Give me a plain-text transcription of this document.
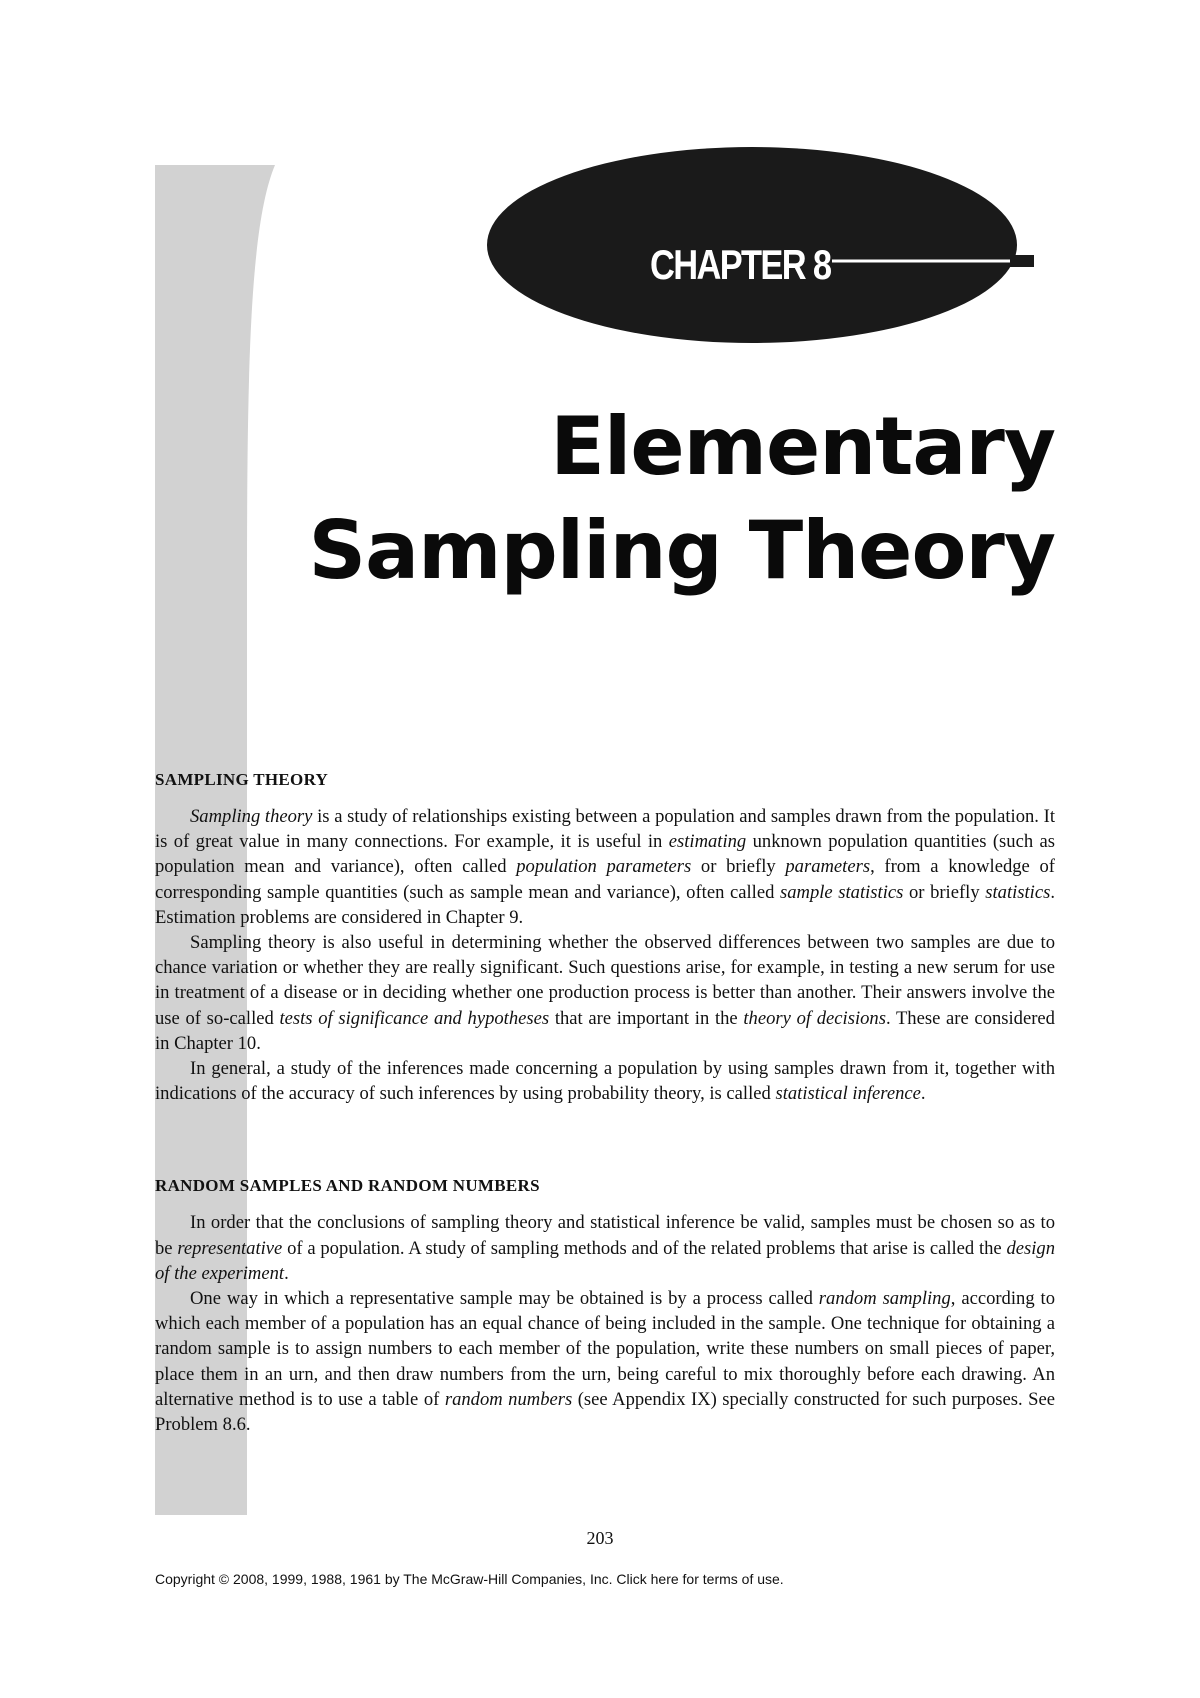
CHAPTER 8
Elementary
Sampling Theory
SAMPLING THEORY

Sampling theory is a study of relationships existing between a population and samples drawn from the population. It is of great value in many connections. For example, it is useful in estimating unknown population quantities (such as population mean and variance), often called population parameters or briefly parameters, from a knowledge of corresponding sample quantities (such as sample mean and variance), often called sample statistics or briefly statistics. Estimation problems are considered in Chapter 9.

Sampling theory is also useful in determining whether the observed differences between two samples are due to chance variation or whether they are really significant. Such questions arise, for example, in testing a new serum for use in treatment of a disease or in deciding whether one production process is better than another. Their answers involve the use of so-called tests of significance and hypotheses that are important in the theory of decisions. These are considered in Chapter 10.

In general, a study of the inferences made concerning a population by using samples drawn from it, together with indications of the accuracy of such inferences by using probability theory, is called statistical inference.

RANDOM SAMPLES AND RANDOM NUMBERS

In order that the conclusions of sampling theory and statistical inference be valid, samples must be chosen so as to be representative of a population. A study of sampling methods and of the related problems that arise is called the design of the experiment.

One way in which a representative sample may be obtained is by a process called random sampling, according to which each member of a population has an equal chance of being included in the sample. One technique for obtaining a random sample is to assign numbers to each member of the population, write these numbers on small pieces of paper, place them in an urn, and then draw numbers from the urn, being careful to mix thoroughly before each drawing. An alternative method is to use a table of random numbers (see Appendix IX) specially constructed for such purposes. See Problem 8.6.

203
Copyright © 2008, 1999, 1988, 1961 by The McGraw-Hill Companies, Inc. Click here for terms of use.
